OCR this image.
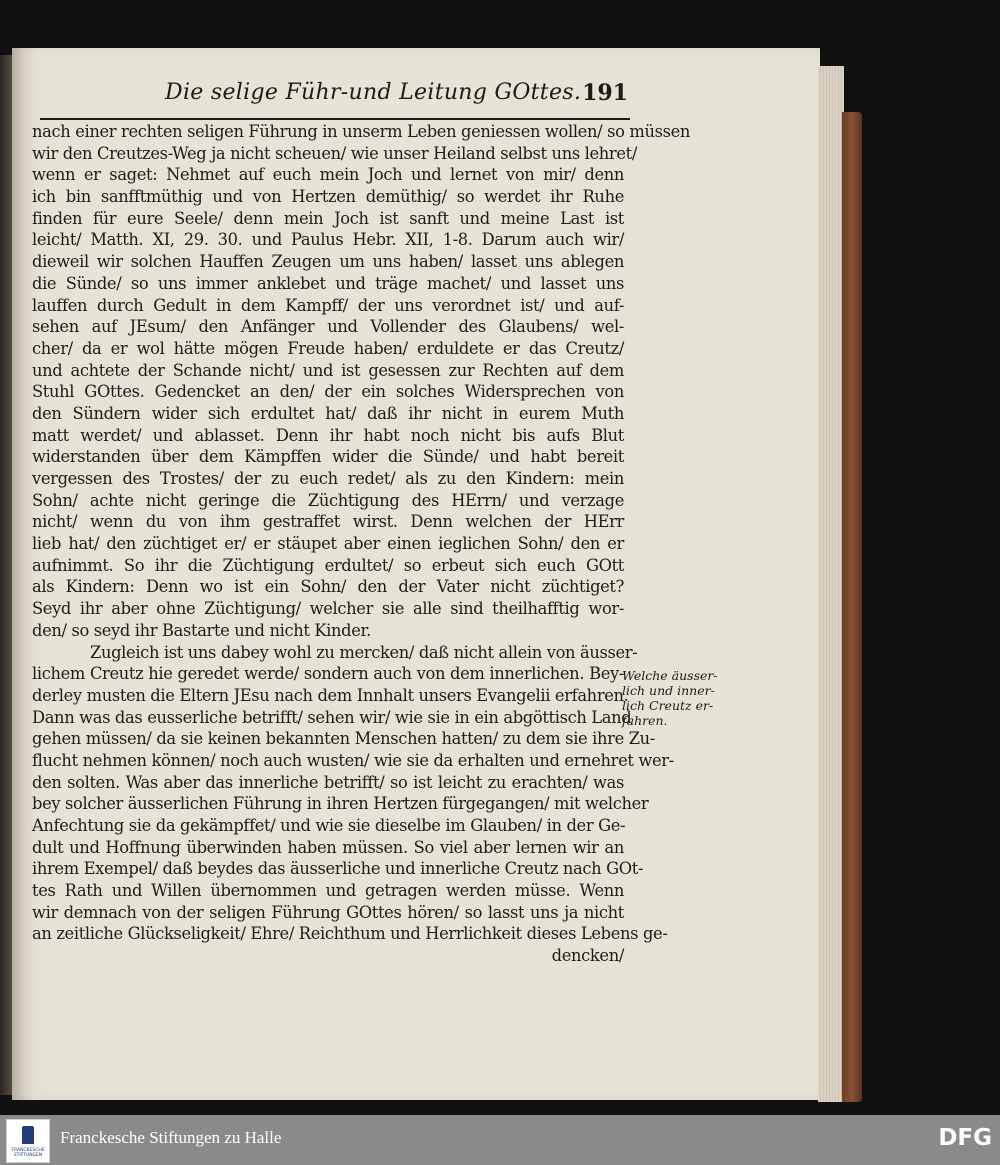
Die selige Führ-und Leitung GOttes. 191
nach einer rechten seligen Führung in unserm Leben geniessen wollen/ so müssen
wir den Creutzes-Weg ja nicht scheuen/ wie unser Heiland selbst uns lehret/
wenn er saget: Nehmet auf euch mein Joch und lernet von mir/ denn
ich bin sanfftmüthig und von Hertzen demüthig/ so werdet ihr Ruhe
finden für eure Seele/ denn mein Joch ist sanft und meine Last ist
leicht/ Matth. XI, 29. 30. und Paulus Hebr. XII, 1-8. Darum auch wir/
dieweil wir solchen Hauffen Zeugen um uns haben/ lasset uns ablegen
die Sünde/ so uns immer anklebet und träge machet/ und lasset uns
lauffen durch Gedult in dem Kampff/ der uns verordnet ist/ und auf-
sehen auf JEsum/ den Anfänger und Vollender des Glaubens/ wel-
cher/ da er wol hätte mögen Freude haben/ erduldete er das Creutz/
und achtete der Schande nicht/ und ist gesessen zur Rechten auf dem
Stuhl GOttes. Gedencket an den/ der ein solches Widersprechen von
den Sündern wider sich erdultet hat/ daß ihr nicht in eurem Muth
matt werdet/ und ablasset. Denn ihr habt noch nicht bis aufs Blut
widerstanden über dem Kämpffen wider die Sünde/ und habt bereit
vergessen des Trostes/ der zu euch redet/ als zu den Kindern: mein
Sohn/ achte nicht geringe die Züchtigung des HErrn/ und verzage
nicht/ wenn du von ihm gestraffet wirst. Denn welchen der HErr
lieb hat/ den züchtiget er/ er stäupet aber einen ieglichen Sohn/ den er
aufnimmt. So ihr die Züchtigung erdultet/ so erbeut sich euch GOtt
als Kindern: Denn wo ist ein Sohn/ den der Vater nicht züchtiget?
Seyd ihr aber ohne Züchtigung/ welcher sie alle sind theilhafftig wor-
den/ so seyd ihr Bastarte und nicht Kinder.
Zugleich ist uns dabey wohl zu mercken/ daß nicht allein von äusser-
lichem Creutz hie geredet werde/ sondern auch von dem innerlichen. Bey-
derley musten die Eltern JEsu nach dem Innhalt unsers Evangelii erfahren.
Dann was das eusserliche betrifft/ sehen wir/ wie sie in ein abgöttisch Land
gehen müssen/ da sie keinen bekannten Menschen hatten/ zu dem sie ihre Zu-
flucht nehmen können/ noch auch wusten/ wie sie da erhalten und ernehret wer-
den solten. Was aber das innerliche betrifft/ so ist leicht zu erachten/ was
bey solcher äusserlichen Führung in ihren Hertzen fürgegangen/ mit welcher
Anfechtung sie da gekämpffet/ und wie sie dieselbe im Glauben/ in der Ge-
dult und Hoffnung überwinden haben müssen. So viel aber lernen wir an
ihrem Exempel/ daß beydes das äusserliche und innerliche Creutz nach GOt-
tes Rath und Willen übernommen und getragen werden müsse. Wenn
wir demnach von der seligen Führung GOttes hören/ so lasst uns ja nicht
an zeitliche Glückseligkeit/ Ehre/ Reichthum und Herrlichkeit dieses Lebens ge-
dencken/
Welche äusser-
lich und inner-
lich Creutz er-
fahren.
FRANCKESCHE STIFTUNGEN
Franckesche Stiftungen zu Halle	DFG
